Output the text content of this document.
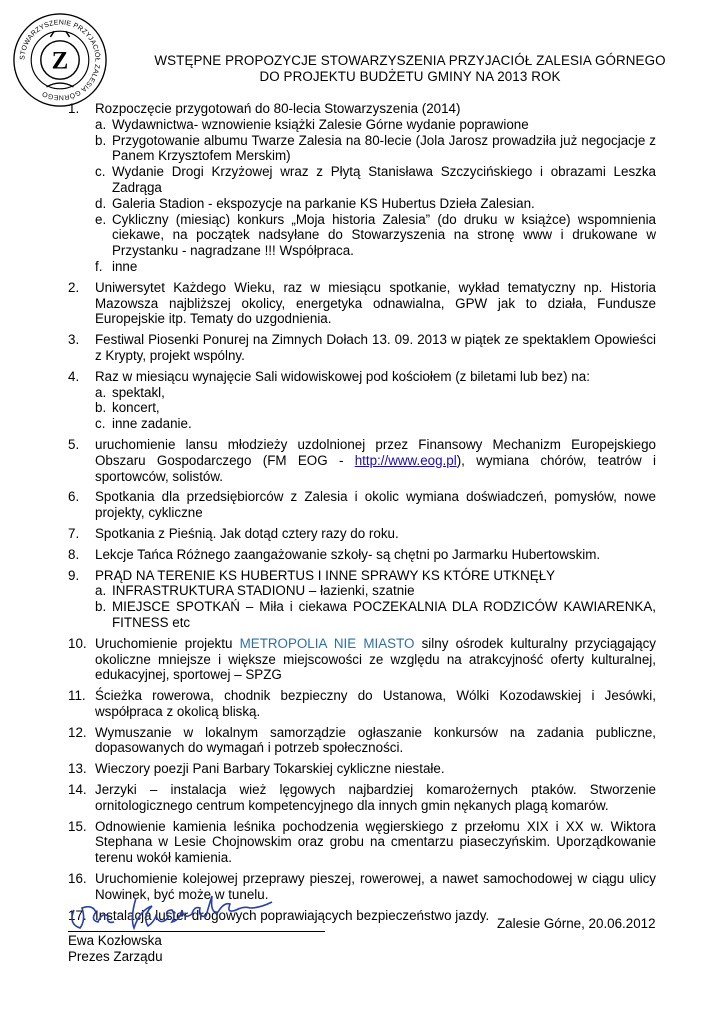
STOWARZYSZENIE PRZYJACIÓŁ ZALESIA GÓRNEGO
Z	WSTĘPNE PROPOZYCJE STOWARZYSZENIA PRZYJACIÓŁ ZALESIA GÓRNEGO
DO PROJEKTU BUDŻETU GMINY NA 2013 ROK
1. Rozpoczęcie przygotowań do 80-lecia Stowarzyszenia (2014)
a. Wydawnictwa- wznowienie książki Zalesie Górne wydanie poprawione
b. Przygotowanie albumu Twarze Zalesia na 80-lecie (Jola Jarosz prowadziła już negocjacje z Panem Krzysztofem Merskim)
c. Wydanie Drogi Krzyżowej wraz z Płytą Stanisława Szczycińskiego i obrazami Leszka Zadrąga
d. Galeria Stadion - ekspozycje na parkanie KS Hubertus Dzieła Zalesian.
e. Cykliczny (miesiąc) konkurs „Moja historia Zalesia” (do druku w książce) wspomnienia ciekawe, na początek nadsyłane do Stowarzyszenia na stronę www i drukowane w Przystanku - nagradzane !!! Współpraca.
f. inne
2. Uniwersytet Każdego Wieku, raz w miesiącu spotkanie, wykład tematyczny np. Historia Mazowsza najbliższej okolicy, energetyka odnawialna, GPW jak to działa, Fundusze Europejskie itp. Tematy do uzgodnienia.
3. Festiwal Piosenki Ponurej na Zimnych Dołach 13. 09. 2013 w piątek ze spektaklem Opowieści z Krypty, projekt wspólny.
4. Raz w miesiącu wynajęcie Sali widowiskowej pod kościołem (z biletami lub bez) na:
a. spektakl,
b. koncert,
c. inne zadanie.
5. uruchomienie lansu młodzieży uzdolnionej przez Finansowy Mechanizm Europejskiego Obszaru Gospodarczego (FM EOG - http://www.eog.pl), wymiana chórów, teatrów i sportowców, solistów.
6. Spotkania dla przedsiębiorców z Zalesia i okolic wymiana doświadczeń, pomysłów, nowe projekty, cykliczne
7. Spotkania z Pieśnią. Jak dotąd cztery razy do roku.
8. Lekcje Tańca Różnego zaangażowanie szkoły- są chętni po Jarmarku Hubertowskim.
9. PRĄD NA TERENIE KS HUBERTUS I INNE SPRAWY KS KTÓRE UTKNĘŁY
a. INFRASTRUKTURA STADIONU – łazienki, szatnie
b. MIEJSCE SPOTKAŃ – Miła i ciekawa POCZEKALNIA DLA RODZICÓW KAWIARENKA, FITNESS etc
10. Uruchomienie projektu METROPOLIA NIE MIASTO silny ośrodek kulturalny przyciągający okoliczne mniejsze i większe miejscowości ze względu na atrakcyjność oferty kulturalnej, edukacyjnej, sportowej – SPZG
11. Ścieżka rowerowa, chodnik bezpieczny do Ustanowa, Wólki Kozodawskiej i Jesówki, współpraca z okolicą bliską.
12. Wymuszanie w lokalnym samorządzie ogłaszanie konkursów na zadania publiczne, dopasowanych do wymagań i potrzeb społeczności.
13. Wieczory poezji Pani Barbary Tokarskiej cykliczne niestałe.
14. Jerzyki – instalacja wież lęgowych najbardziej komarożernych ptaków. Stworzenie ornitologicznego centrum kompetencyjnego dla innych gmin nękanych plagą komarów.
15. Odnowienie kamienia leśnika pochodzenia węgierskiego z przełomu XIX i XX w. Wiktora Stephana w Lesie Chojnowskim oraz grobu na cmentarzu piaseczyńskim. Uporządkowanie terenu wokół kamienia.
16. Uruchomienie kolejowej przeprawy pieszej, rowerowej, a nawet samochodowej w ciągu ulicy Nowinek, być może w tunelu.
17. Instalacja luster drogowych poprawiających bezpieczeństwo jazdy.
Ewa Kozłowska
Prezes Zarządu
Zalesie Górne, 20.06.2012
